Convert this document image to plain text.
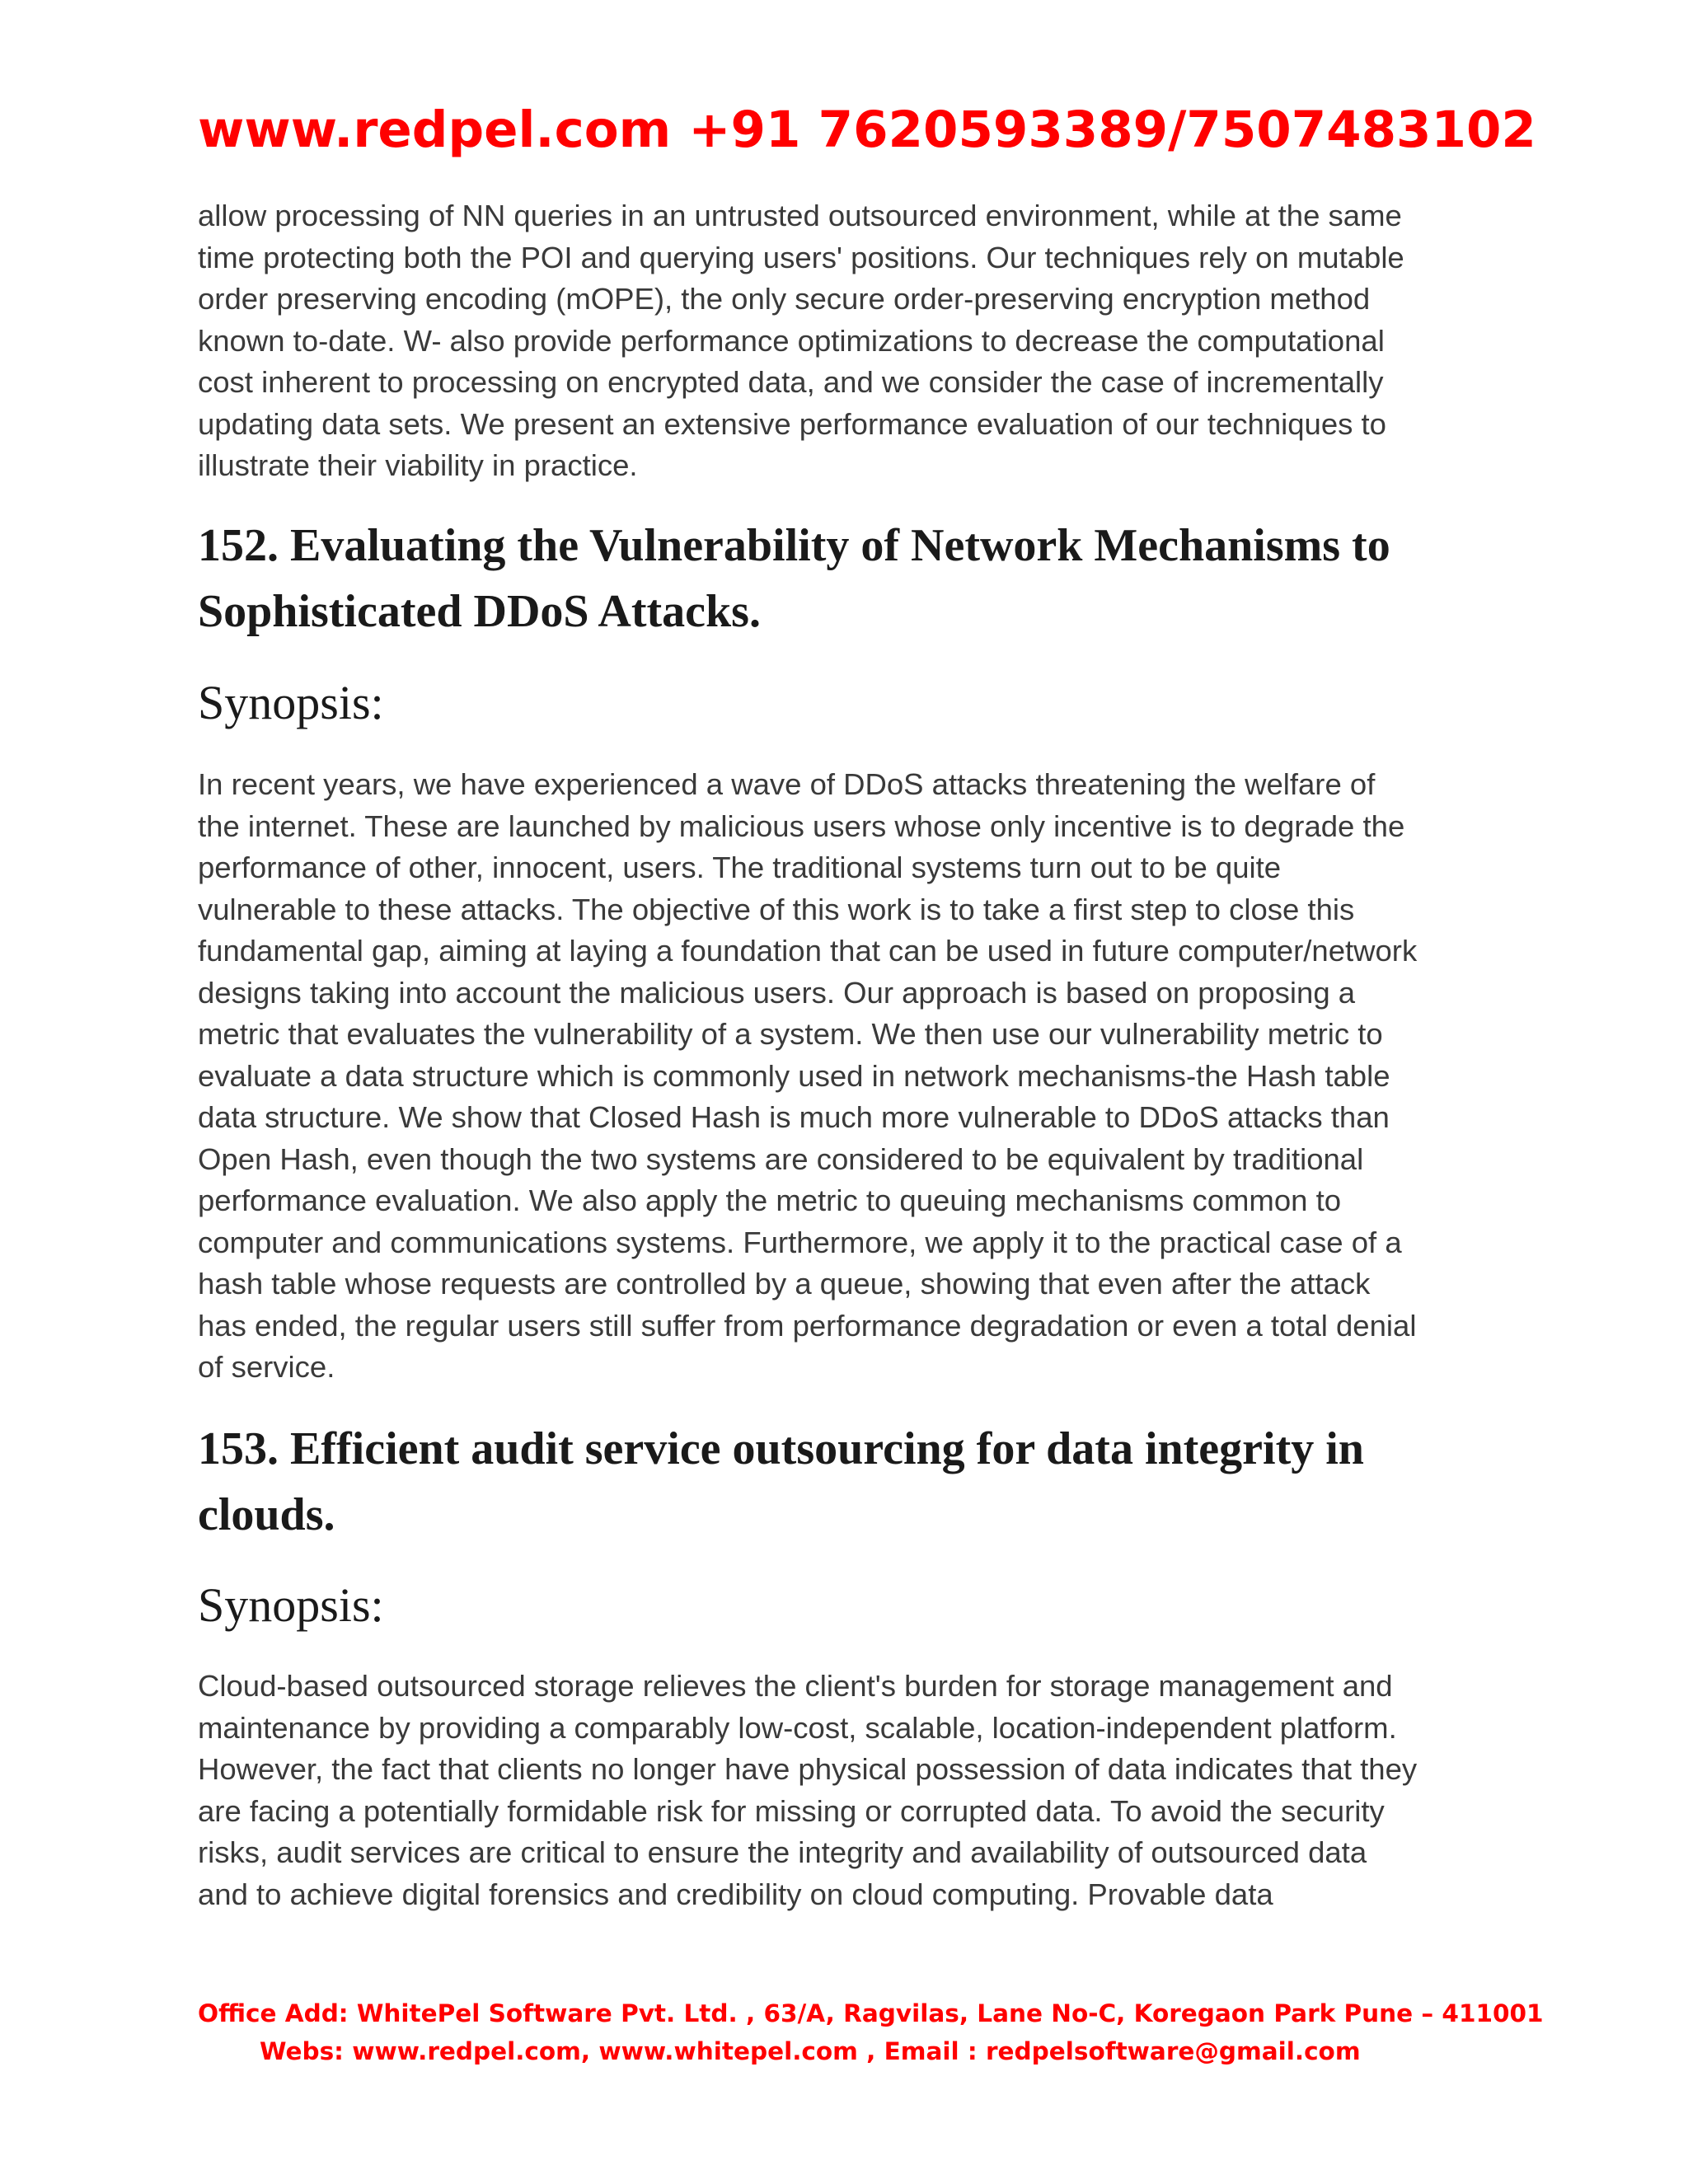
www.redpel.com +91 7620593389/7507483102
allow processing of NN queries in an untrusted outsourced environment, while at the same
time protecting both the POI and querying users' positions. Our techniques rely on mutable
order preserving encoding (mOPE), the only secure order-preserving encryption method
known to-date. W- also provide performance optimizations to decrease the computational
cost inherent to processing on encrypted data, and we consider the case of incrementally
updating data sets. We present an extensive performance evaluation of our techniques to
illustrate their viability in practice.
152. Evaluating the Vulnerability of Network Mechanisms to
Sophisticated DDoS Attacks.
Synopsis:
In recent years, we have experienced a wave of DDoS attacks threatening the welfare of
the internet. These are launched by malicious users whose only incentive is to degrade the
performance of other, innocent, users. The traditional systems turn out to be quite
vulnerable to these attacks. The objective of this work is to take a first step to close this
fundamental gap, aiming at laying a foundation that can be used in future computer/network
designs taking into account the malicious users. Our approach is based on proposing a
metric that evaluates the vulnerability of a system. We then use our vulnerability metric to
evaluate a data structure which is commonly used in network mechanisms-the Hash table
data structure. We show that Closed Hash is much more vulnerable to DDoS attacks than
Open Hash, even though the two systems are considered to be equivalent by traditional
performance evaluation. We also apply the metric to queuing mechanisms common to
computer and communications systems. Furthermore, we apply it to the practical case of a
hash table whose requests are controlled by a queue, showing that even after the attack
has ended, the regular users still suffer from performance degradation or even a total denial
of service.
153. Efficient audit service outsourcing for data integrity in
clouds.
Synopsis:
Cloud-based outsourced storage relieves the client's burden for storage management and
maintenance by providing a comparably low-cost, scalable, location-independent platform.
However, the fact that clients no longer have physical possession of data indicates that they
are facing a potentially formidable risk for missing or corrupted data. To avoid the security
risks, audit services are critical to ensure the integrity and availability of outsourced data
and to achieve digital forensics and credibility on cloud computing. Provable data
Office Add: WhitePel Software Pvt. Ltd. , 63/A, Ragvilas, Lane No-C, Koregaon Park Pune – 411001
Webs: www.redpel.com, www.whitepel.com , Email : redpelsoftware@gmail.com
